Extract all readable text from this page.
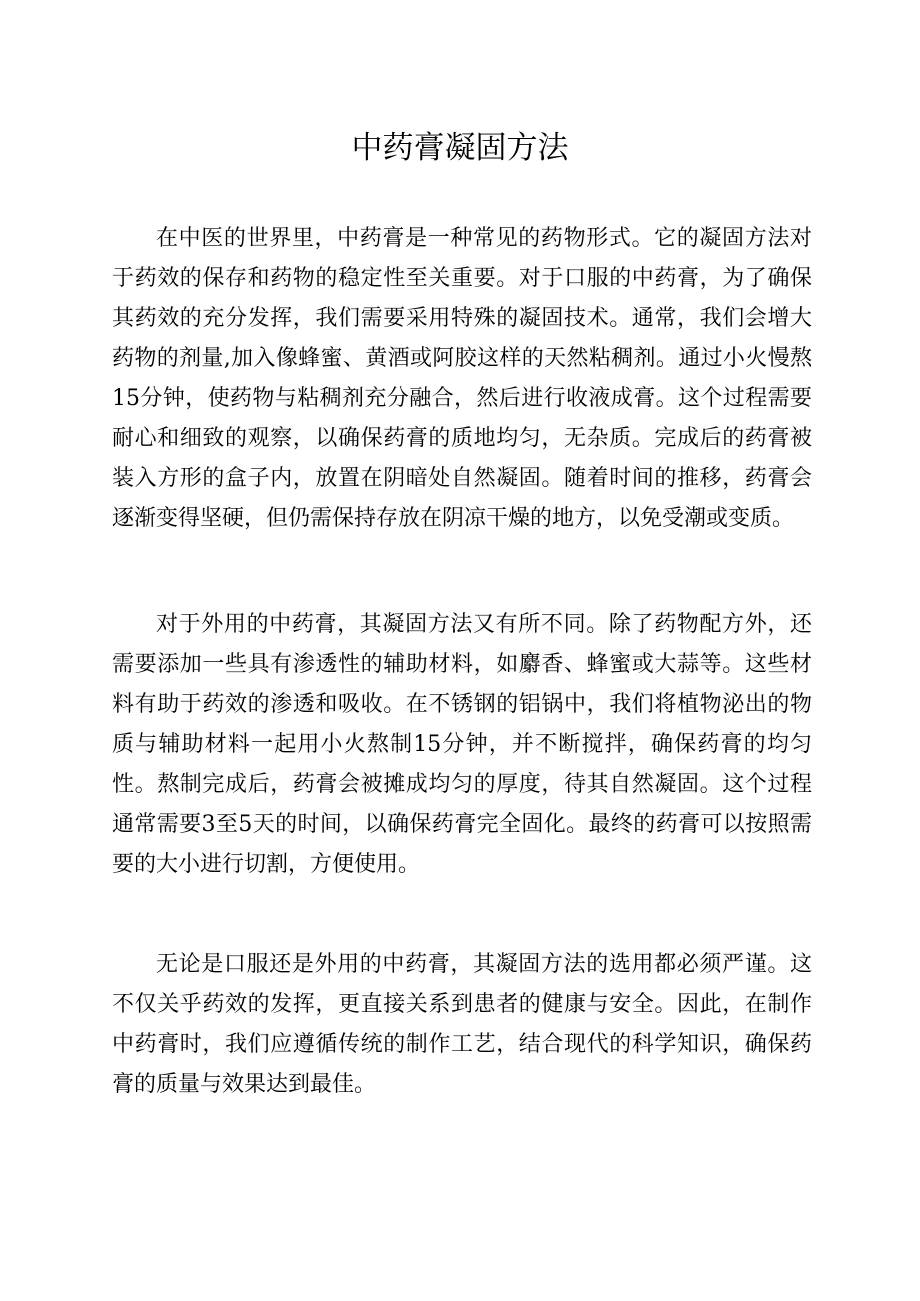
中药膏凝固方法

在中医的世界里，中药膏是一种常见的药物形式。它的凝固方法对于药效的保存和药物的稳定性至关重要。对于口服的中药膏，为了确保其药效的充分发挥，我们需要采用特殊的凝固技术。通常，我们会增大药物的剂量,加入像蜂蜜、黄酒或阿胶这样的天然粘稠剂。通过小火慢熬15分钟，使药物与粘稠剂充分融合，然后进行收液成膏。这个过程需要耐心和细致的观察，以确保药膏的质地均匀，无杂质。完成后的药膏被装入方形的盒子内，放置在阴暗处自然凝固。随着时间的推移，药膏会逐渐变得坚硬，但仍需保持存放在阴凉干燥的地方，以免受潮或变质。

对于外用的中药膏，其凝固方法又有所不同。除了药物配方外，还需要添加一些具有渗透性的辅助材料，如麝香、蜂蜜或大蒜等。这些材料有助于药效的渗透和吸收。在不锈钢的铝锅中，我们将植物泌出的物质与辅助材料一起用小火熬制15分钟，并不断搅拌，确保药膏的均匀性。熬制完成后，药膏会被摊成均匀的厚度，待其自然凝固。这个过程通常需要3至5天的时间，以确保药膏完全固化。最终的药膏可以按照需要的大小进行切割，方便使用。

无论是口服还是外用的中药膏，其凝固方法的选用都必须严谨。这不仅关乎药效的发挥，更直接关系到患者的健康与安全。因此，在制作中药膏时，我们应遵循传统的制作工艺，结合现代的科学知识，确保药膏的质量与效果达到最佳。
